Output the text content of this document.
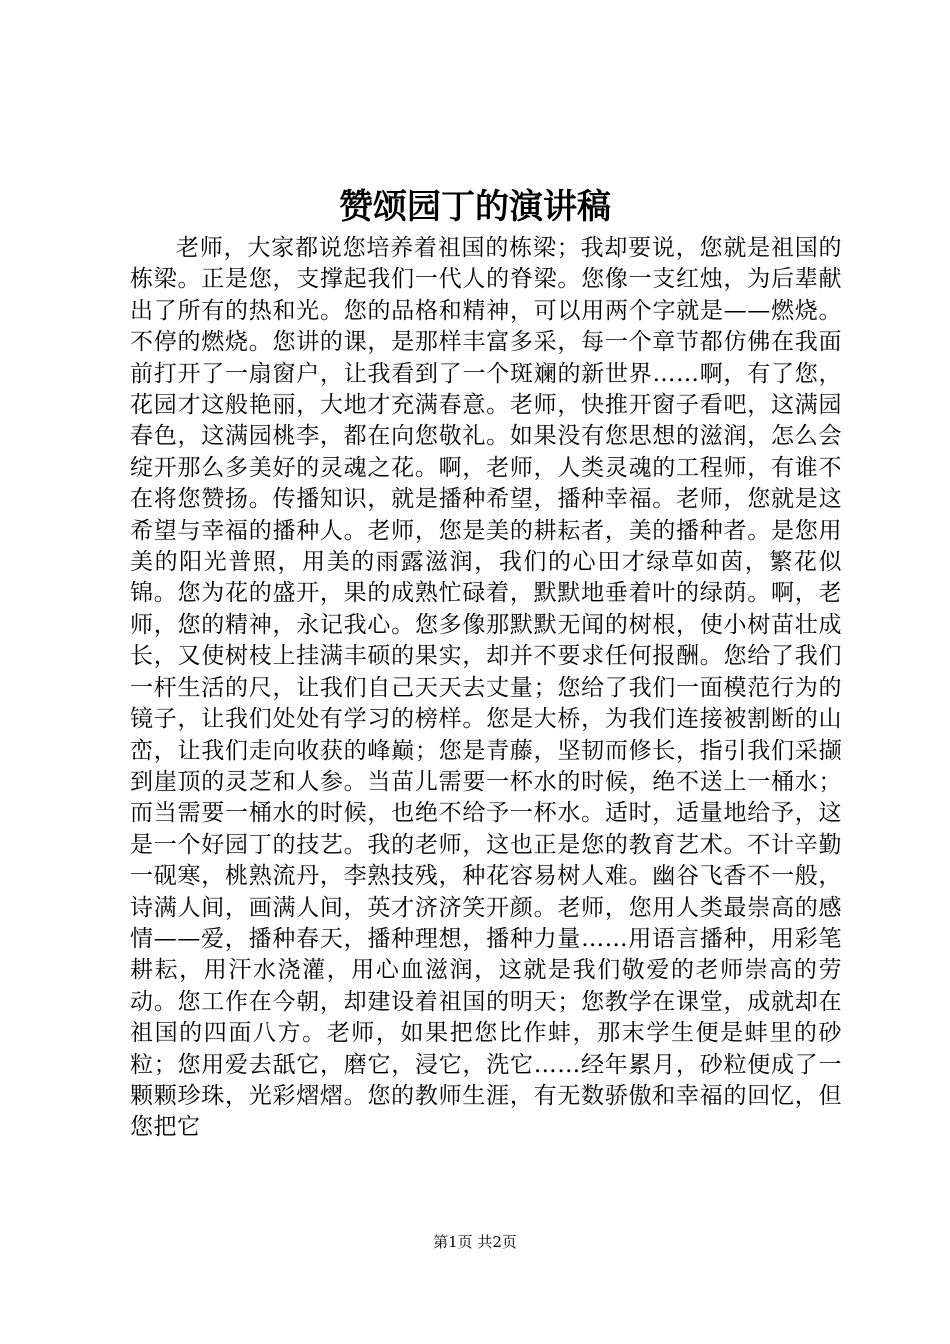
赞颂园丁的演讲稿

老师，大家都说您培养着祖国的栋梁；我却要说，您就是祖国的栋梁。正是您，支撑起我们一代人的脊梁。您像一支红烛，为后辈献出了所有的热和光。您的品格和精神，可以用两个字就是——燃烧。不停的燃烧。您讲的课，是那样丰富多采，每一个章节都仿佛在我面前打开了一扇窗户，让我看到了一个斑斓的新世界……啊，有了您，花园才这般艳丽，大地才充满春意。老师，快推开窗子看吧，这满园春色，这满园桃李，都在向您敬礼。如果没有您思想的滋润，怎么会绽开那么多美好的灵魂之花。啊，老师，人类灵魂的工程师，有谁不在将您赞扬。传播知识，就是播种希望，播种幸福。老师，您就是这希望与幸福的播种人。老师，您是美的耕耘者，美的播种者。是您用美的阳光普照，用美的雨露滋润，我们的心田才绿草如茵，繁花似锦。您为花的盛开，果的成熟忙碌着，默默地垂着叶的绿荫。啊，老师，您的精神，永记我心。您多像那默默无闻的树根，使小树苗壮成长，又使树枝上挂满丰硕的果实，却并不要求任何报酬。您给了我们一杆生活的尺，让我们自己天天去丈量；您给了我们一面模范行为的镜子，让我们处处有学习的榜样。您是大桥，为我们连接被割断的山峦，让我们走向收获的峰巅；您是青藤，坚韧而修长，指引我们采撷到崖顶的灵芝和人参。当苗儿需要一杯水的时候，绝不送上一桶水；而当需要一桶水的时候，也绝不给予一杯水。适时，适量地给予，这是一个好园丁的技艺。我的老师，这也正是您的教育艺术。不计辛勤一砚寒，桃熟流丹，李熟技残，种花容易树人难。幽谷飞香不一般，诗满人间，画满人间，英才济济笑开颜。老师，您用人类最崇高的感情——爱，播种春天，播种理想，播种力量……用语言播种，用彩笔耕耘，用汗水浇灌，用心血滋润，这就是我们敬爱的老师崇高的劳动。您工作在今朝，却建设着祖国的明天；您教学在课堂，成就却在祖国的四面八方。老师，如果把您比作蚌，那末学生便是蚌里的砂粒；您用爱去舐它，磨它，浸它，洗它……经年累月，砂粒便成了一颗颗珍珠，光彩熠熠。您的教师生涯，有无数骄傲和幸福的回忆，但您把它

第1页 共2页
